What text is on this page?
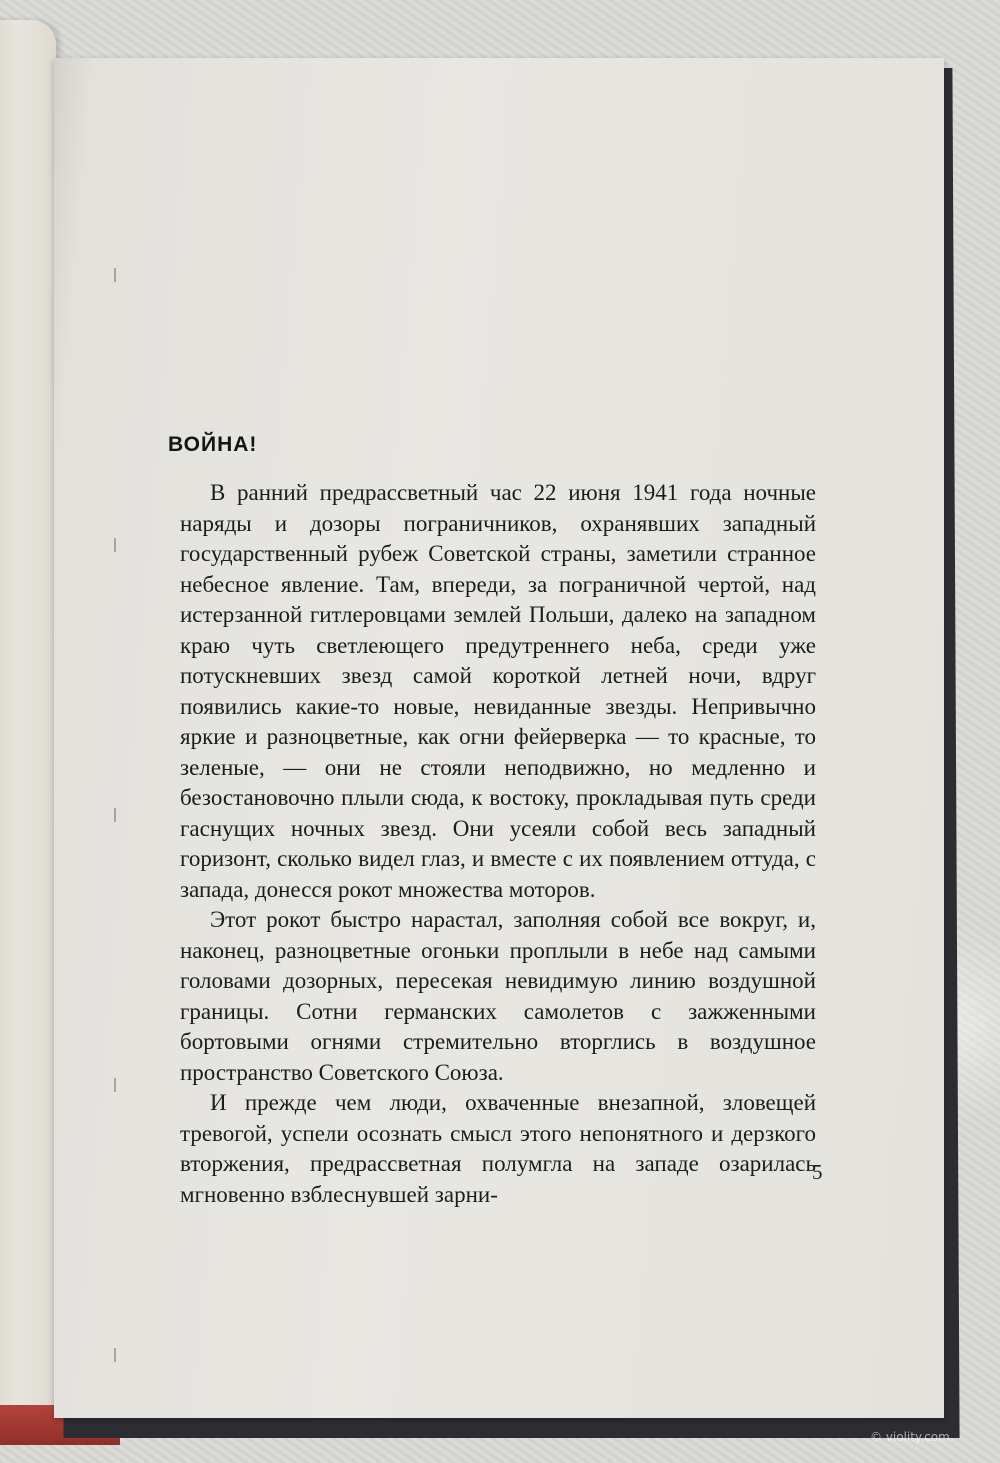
ВОЙНА!

В ранний предрассветный час 22 июня 1941 года ночные наряды и дозоры пограничников, охранявших западный государственный рубеж Советской страны, заметили странное небесное явление. Там, впереди, за пограничной чертой, над истерзанной гитлеровцами землей Польши, далеко на западном краю чуть светлеющего предутреннего неба, среди уже потускневших звезд самой короткой летней ночи, вдруг появились какие-то новые, невиданные звезды. Непривычно яркие и разноцветные, как огни фейерверка — то красные, то зеленые, — они не стояли неподвижно, но медленно и безостановочно плыли сюда, к востоку, прокладывая путь среди гаснущих ночных звезд. Они усеяли собой весь западный горизонт, сколько видел глаз, и вместе с их появлением оттуда, с запада, донесся рокот множества моторов.

Этот рокот быстро нарастал, заполняя собой все вокруг, и, наконец, разноцветные огоньки проплыли в небе над самыми головами дозорных, пересекая невидимую линию воздушной границы. Сотни германских самолетов с зажженными бортовыми огнями стремительно вторглись в воздушное пространство Советского Союза.

И прежде чем люди, охваченные внезапной, зловещей тревогой, успели осознать смысл этого непонятного и дерзкого вторжения, предрассветная полумгла на западе озарилась мгновенно взблеснувшей зарни-

5
© violity.com
